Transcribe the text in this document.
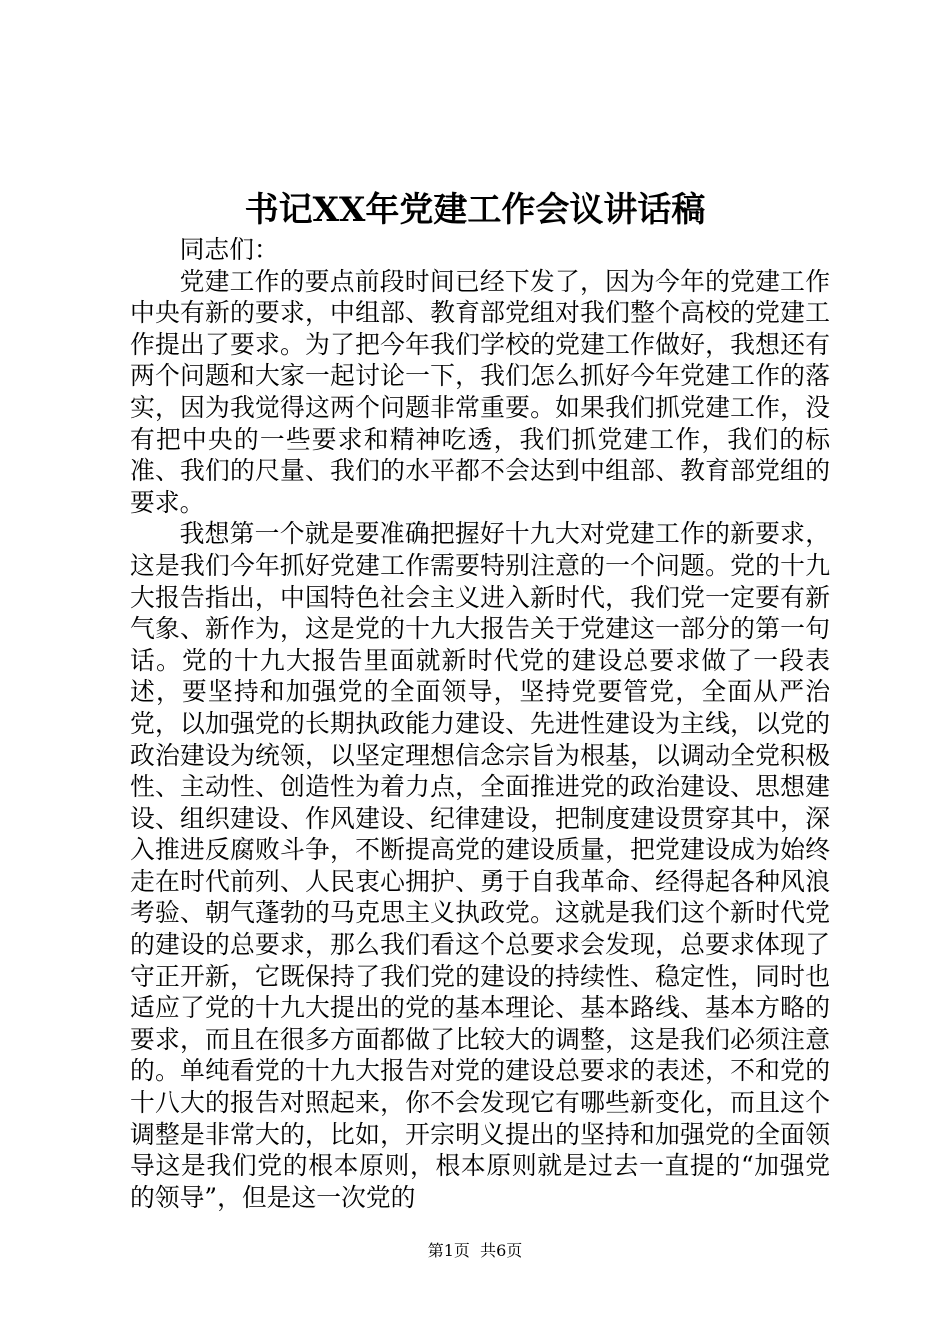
书记XX年党建工作会议讲话稿

同志们：

党建工作的要点前段时间已经下发了，因为今年的党建工作中央有新的要求，中组部、教育部党组对我们整个高校的党建工作提出了要求。为了把今年我们学校的党建工作做好，我想还有两个问题和大家一起讨论一下，我们怎么抓好今年党建工作的落实，因为我觉得这两个问题非常重要。如果我们抓党建工作，没有把中央的一些要求和精神吃透，我们抓党建工作，我们的标准、我们的尺量、我们的水平都不会达到中组部、教育部党组的要求。

我想第一个就是要准确把握好十九大对党建工作的新要求，这是我们今年抓好党建工作需要特别注意的一个问题。党的十九大报告指出，中国特色社会主义进入新时代，我们党一定要有新气象、新作为，这是党的十九大报告关于党建这一部分的第一句话。党的十九大报告里面就新时代党的建设总要求做了一段表述，要坚持和加强党的全面领导，坚持党要管党，全面从严治党，以加强党的长期执政能力建设、先进性建设为主线，以党的政治建设为统领，以坚定理想信念宗旨为根基，以调动全党积极性、主动性、创造性为着力点，全面推进党的政治建设、思想建设、组织建设、作风建设、纪律建设，把制度建设贯穿其中，深入推进反腐败斗争，不断提高党的建设质量，把党建设成为始终走在时代前列、人民衷心拥护、勇于自我革命、经得起各种风浪考验、朝气蓬勃的马克思主义执政党。这就是我们这个新时代党的建设的总要求，那么我们看这个总要求会发现，总要求体现了守正开新，它既保持了我们党的建设的持续性、稳定性，同时也适应了党的十九大提出的党的基本理论、基本路线、基本方略的要求，而且在很多方面都做了比较大的调整，这是我们必须注意的。单纯看党的十九大报告对党的建设总要求的表述，不和党的十八大的报告对照起来，你不会发现它有哪些新变化，而且这个调整是非常大的，比如，开宗明义提出的坚持和加强党的全面领导这是我们党的根本原则，根本原则就是过去一直提的“加强党的领导”，但是这一次党的

第1页 共6页
